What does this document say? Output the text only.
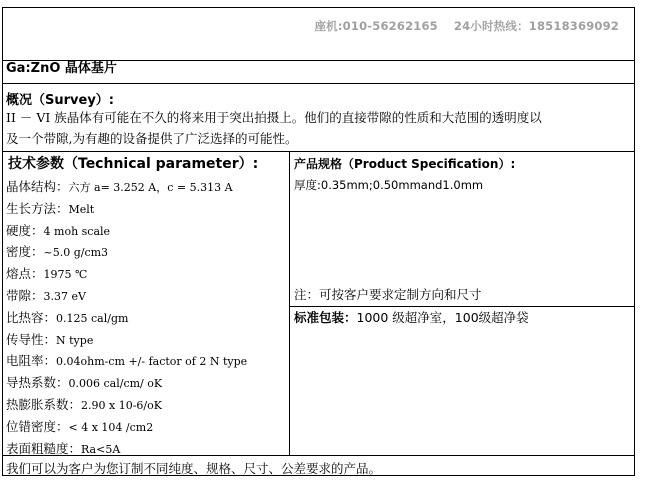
座机:010-56262165 24小时热线：18518369092
Ga:ZnO 晶体基片
概况（Survey）:
II － VI 族晶体有可能在不久的将来用于突出拍摄上。他们的直接带隙的性质和大范围的透明度以
及一个带隙,为有趣的设备提供了广泛选择的可能性。
技术参数（Technical parameter）:
晶体结构：六方 a= 3.252 A，c = 5.313 A
生长方法：Melt
硬度：4 moh scale
密度：~5.0 g/cm3
熔点：1975 ℃
带隙：3.37 eV
比热容：0.125 cal/gm
传导性：N type
电阻率：0.04ohm-cm +/- factor of 2 N type
导热系数：0.006 cal/cm/ oK
热膨胀系数：2.90 x 10-6/oK
位错密度：< 4 x 104 /cm2
表面粗糙度：Ra<5A
产品规格（Product Specification）:
厚度:0.35mm;0.50mmand1.0mm
注：可按客户要求定制方向和尺寸
标准包装：1000 级超净室，100级超净袋
我们可以为客户为您订制不同纯度、规格、尺寸、公差要求的产品。
